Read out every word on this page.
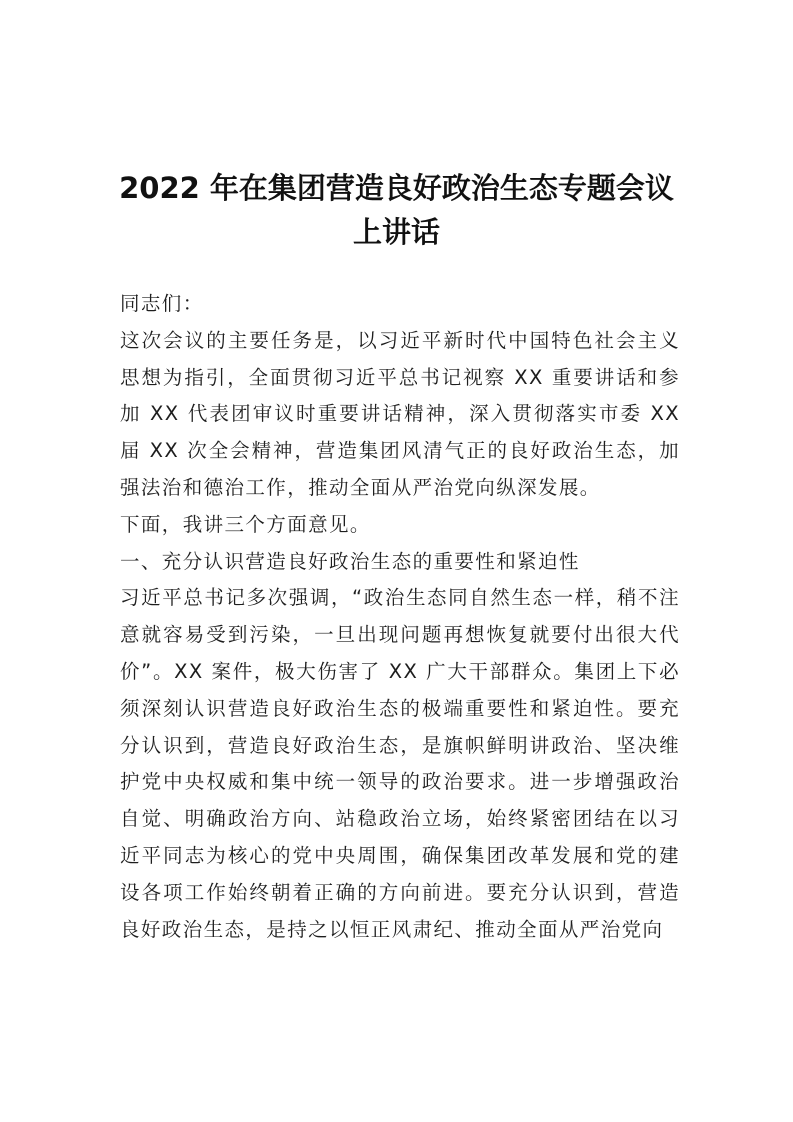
2022 年在集团营造良好政治生态专题会议
上讲话

同志们：

这次会议的主要任务是，以习近平新时代中国特色社会主义思想为指引，全面贯彻习近平总书记视察 XX 重要讲话和参加 XX 代表团审议时重要讲话精神，深入贯彻落实市委 XX 届 XX 次全会精神，营造集团风清气正的良好政治生态，加强法治和德治工作，推动全面从严治党向纵深发展。

下面，我讲三个方面意见。

一、充分认识营造良好政治生态的重要性和紧迫性

习近平总书记多次强调，“政治生态同自然生态一样，稍不注意就容易受到污染，一旦出现问题再想恢复就要付出很大代价”。XX 案件，极大伤害了 XX 广大干部群众。集团上下必须深刻认识营造良好政治生态的极端重要性和紧迫性。要充分认识到，营造良好政治生态，是旗帜鲜明讲政治、坚决维护党中央权威和集中统一领导的政治要求。进一步增强政治自觉、明确政治方向、站稳政治立场，始终紧密团结在以习近平同志为核心的党中央周围，确保集团改革发展和党的建设各项工作始终朝着正确的方向前进。要充分认识到，营造良好政治生态，是持之以恒正风肃纪、推动全面从严治党向
